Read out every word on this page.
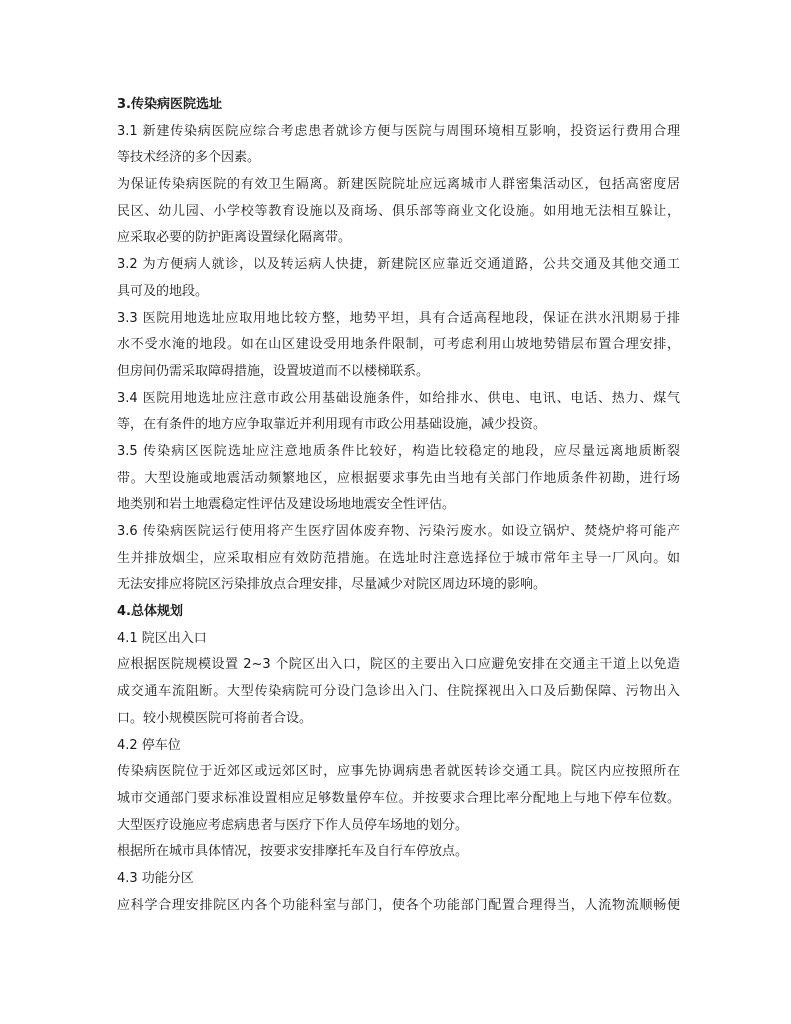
3.传染病医院选址
3.1 新建传染病医院应综合考虑患者就诊方便与医院与周围环境相互影响，投资运行费用合理
等技术经济的多个因素。
为保证传染病医院的有效卫生隔离。新建医院院址应远离城市人群密集活动区，包括高密度居
民区、幼儿园、小学校等教育设施以及商场、俱乐部等商业文化设施。如用地无法相互躲让，
应采取必要的防护距离设置绿化隔离带。
3.2 为方便病人就诊，以及转运病人快捷，新建院区应靠近交通道路，公共交通及其他交通工
具可及的地段。
3.3 医院用地选址应取用地比较方整，地势平坦，具有合适高程地段，保证在洪水汛期易于排
水不受水淹的地段。如在山区建设受用地条件限制，可考虑利用山坡地势错层布置合理安排，
但房间仍需采取障碍措施，设置坡道而不以楼梯联系。
3.4 医院用地选址应注意市政公用基础设施条件，如给排水、供电、电讯、电话、热力、煤气
等，在有条件的地方应争取靠近并利用现有市政公用基础设施，减少投资。
3.5 传染病区医院选址应注意地质条件比较好，构造比较稳定的地段，应尽量远离地质断裂
带。大型设施或地震活动频繁地区，应根据要求事先由当地有关部门作地质条件初勘，进行场
地类别和岩土地震稳定性评估及建设场地地震安全性评估。
3.6 传染病医院运行使用将产生医疗固体废弃物、污染污废水。如设立锅炉、焚烧炉将可能产
生并排放烟尘，应采取相应有效防范措施。在选址时注意选择位于城市常年主导一厂风向。如
无法安排应将院区污染排放点合理安排，尽量减少对院区周边环境的影响。
4.总体规划
4.1 院区出入口
应根据医院规模设置 2~3 个院区出入口，院区的主要出入口应避免安排在交通主干道上以免造
成交通车流阻断。大型传染病院可分设门急诊出入门、住院探视出入口及后勤保障、污物出入
口。较小规模医院可将前者合设。
4.2 停车位
传染病医院位于近郊区或远郊区时，应事先协调病患者就医转诊交通工具。院区内应按照所在
城市交通部门要求标准设置相应足够数量停车位。并按要求合理比率分配地上与地下停车位数。
大型医疗设施应考虑病患者与医疗下作人员停车场地的划分。
根据所在城市具体情况，按要求安排摩托车及自行车停放点。
4.3 功能分区
应科学合理安排院区内各个功能科室与部门，使各个功能部门配置合理得当，人流物流顺畅便
